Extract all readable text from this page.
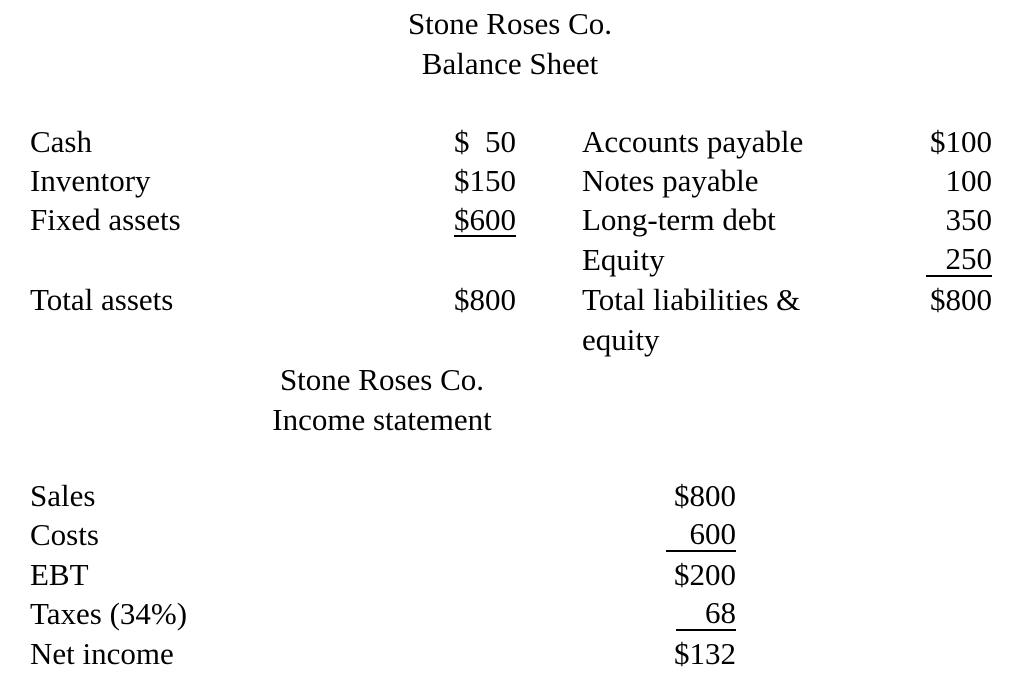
Stone Roses Co.
Balance Sheet
Cash
Inventory
Fixed assets
Total assets
$  50
$150
$600
$800
Accounts payable
Notes payable
Long-term debt
Equity
Total liabilities &
equity
$100
100
350
250
$800
Stone Roses Co.
Income statement
Sales
Costs
EBT
Taxes (34%)
Net income
$800
600
$200
68
$132
